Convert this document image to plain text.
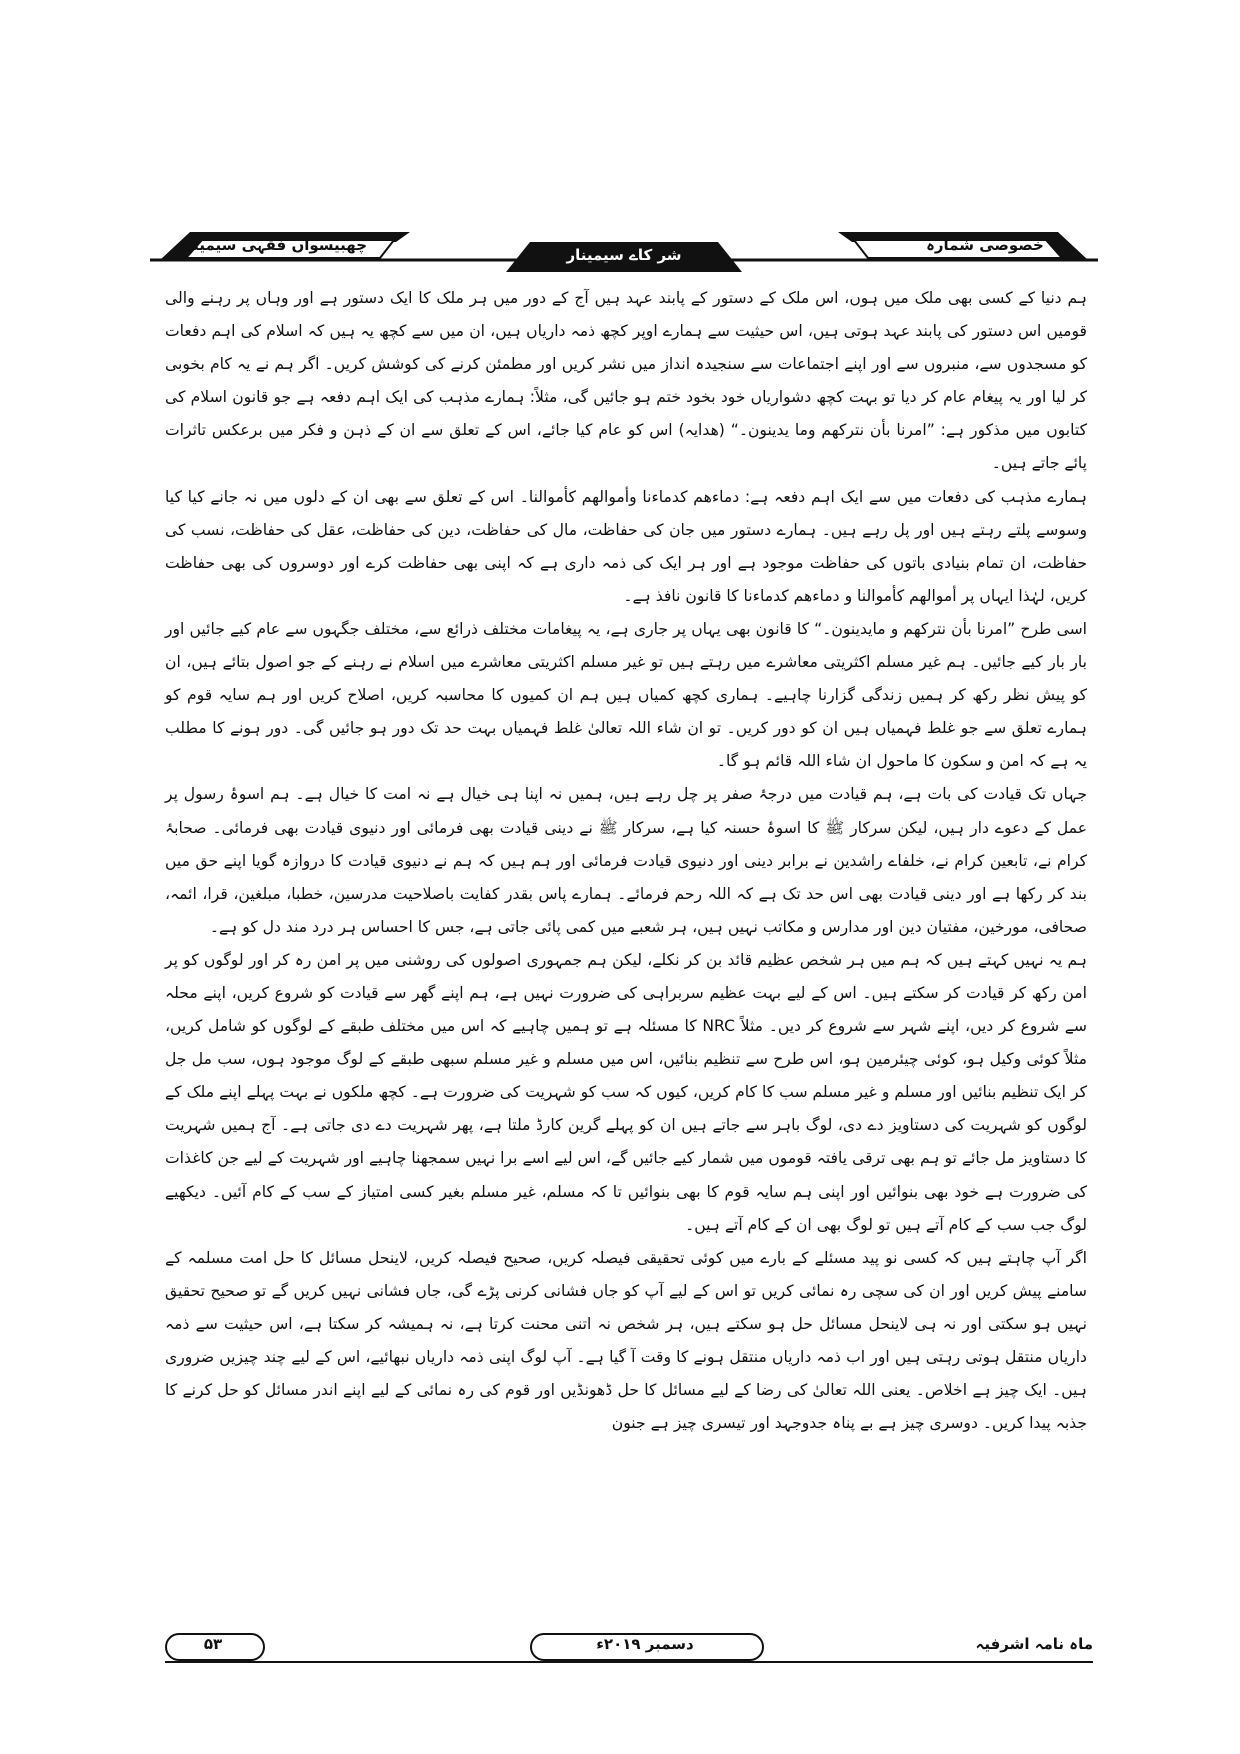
چھبیسواں فقہی سیمینار
شر کاے سیمینار
خصوصی شمارہ

ہم دنیا کے کسی بھی ملک میں ہوں، اس ملک کے دستور کے پابند عہد ہیں آج کے دور میں ہر ملک کا ایک دستور ہے اور وہاں پر رہنے والی قومیں اس دستور کی پابند عہد ہوتی ہیں، اس حیثیت سے ہمارے اوپر کچھ ذمہ داریاں ہیں، ان میں سے کچھ یہ ہیں کہ اسلام کی اہم دفعات کو مسجدوں سے، منبروں سے اور اپنے اجتماعات سے سنجیدہ انداز میں نشر کریں اور مطمئن کرنے کی کوشش کریں۔ اگر ہم نے یہ کام بخوبی کر لیا اور یہ پیغام عام کر دیا تو بہت کچھ دشواریاں خود بخود ختم ہو جائیں گی، مثلاً: ہمارے مذہب کی ایک اہم دفعہ ہے جو قانون اسلام کی کتابوں میں مذکور ہے: ”امرنا بأن نترکھم وما یدینون۔“ (ھدایہ) اس کو عام کیا جائے، اس کے تعلق سے ان کے ذہن و فکر میں برعکس تاثرات پائے جاتے ہیں۔

ہمارے مذہب کی دفعات میں سے ایک اہم دفعہ ہے: دماءھم کدماءنا وأموالھم کأموالنا۔ اس کے تعلق سے بھی ان کے دلوں میں نہ جانے کیا کیا وسوسے پلتے رہتے ہیں اور پل رہے ہیں۔ ہمارے دستور میں جان کی حفاظت، مال کی حفاظت، دین کی حفاظت، عقل کی حفاظت، نسب کی حفاظت، ان تمام بنیادی باتوں کی حفاظت موجود ہے اور ہر ایک کی ذمہ داری ہے کہ اپنی بھی حفاظت کرے اور دوسروں کی بھی حفاظت کریں، لہٰذا ایہاں پر أموالھم کأموالنا و دماءھم کدماءنا کا قانون نافذ ہے۔

اسی طرح ”امرنا بأن نترکھم و مایدینون۔“ کا قانون بھی یہاں پر جاری ہے، یہ پیغامات مختلف ذرائع سے، مختلف جگہوں سے عام کیے جائیں اور بار بار کیے جائیں۔ ہم غیر مسلم اکثریتی معاشرے میں رہتے ہیں تو غیر مسلم اکثریتی معاشرے میں اسلام نے رہنے کے جو اصول بتائے ہیں، ان کو پیش نظر رکھ کر ہمیں زندگی گزارنا چاہیے۔ ہماری کچھ کمیاں ہیں ہم ان کمیوں کا محاسبہ کریں، اصلاح کریں اور ہم سایہ قوم کو ہمارے تعلق سے جو غلط فہمیاں ہیں ان کو دور کریں۔ تو ان شاء اللہ تعالیٰ غلط فہمیاں بہت حد تک دور ہو جائیں گی۔ دور ہونے کا مطلب یہ ہے کہ امن و سکون کا ماحول ان شاء اللہ قائم ہو گا۔

جہاں تک قیادت کی بات ہے، ہم قیادت میں درجۂ صفر پر چل رہے ہیں، ہمیں نہ اپنا ہی خیال ہے نہ امت کا خیال ہے۔ ہم اسوۂ رسول پر عمل کے دعوے دار ہیں، لیکن سرکار ﷺ کا اسوۂ حسنہ کیا ہے، سرکار ﷺ نے دینی قیادت بھی فرمائی اور دنیوی قیادت بھی فرمائی۔ صحابۂ کرام نے، تابعین کرام نے، خلفاے راشدین نے برابر دینی اور دنیوی قیادت فرمائی اور ہم ہیں کہ ہم نے دنیوی قیادت کا دروازہ گویا اپنے حق میں بند کر رکھا ہے اور دینی قیادت بھی اس حد تک ہے کہ اللہ رحم فرمائے۔ ہمارے پاس بقدر کفایت باصلاحیت مدرسین، خطبا، مبلغین، قرا، ائمہ، صحافی، مورخین، مفتیان دین اور مدارس و مکاتب نہیں ہیں، ہر شعبے میں کمی پائی جاتی ہے، جس کا احساس ہر درد مند دل کو ہے۔

ہم یہ نہیں کہتے ہیں کہ ہم میں ہر شخص عظیم قائد بن کر نکلے، لیکن ہم جمہوری اصولوں کی روشنی میں پر امن رہ کر اور لوگوں کو پر امن رکھ کر قیادت کر سکتے ہیں۔ اس کے لیے بہت عظیم سربراہی کی ضرورت نہیں ہے، ہم اپنے گھر سے قیادت کو شروع کریں، اپنے محلہ سے شروع کر دیں، اپنے شہر سے شروع کر دیں۔ مثلاً NRC کا مسئلہ ہے تو ہمیں چاہیے کہ اس میں مختلف طبقے کے لوگوں کو شامل کریں، مثلاً کوئی وکیل ہو، کوئی چیئرمین ہو، اس طرح سے تنظیم بنائیں، اس میں مسلم و غیر مسلم سبھی طبقے کے لوگ موجود ہوں، سب مل جل کر ایک تنظیم بنائیں اور مسلم و غیر مسلم سب کا کام کریں، کیوں کہ سب کو شہریت کی ضرورت ہے۔ کچھ ملکوں نے بہت پہلے اپنے ملک کے لوگوں کو شہریت کی دستاویز دے دی، لوگ باہر سے جاتے ہیں ان کو پہلے گرین کارڈ ملتا ہے، پھر شہریت دے دی جاتی ہے۔ آج ہمیں شہریت کا دستاویز مل جائے تو ہم بھی ترقی یافتہ قوموں میں شمار کیے جائیں گے، اس لیے اسے برا نہیں سمجھنا چاہیے اور شہریت کے لیے جن کاغذات کی ضرورت ہے خود بھی بنوائیں اور اپنی ہم سایہ قوم کا بھی بنوائیں تا کہ مسلم، غیر مسلم بغیر کسی امتیاز کے سب کے کام آئیں۔ دیکھیے لوگ جب سب کے کام آتے ہیں تو لوگ بھی ان کے کام آتے ہیں۔

اگر آپ چاہتے ہیں کہ کسی نو پید مسئلے کے بارے میں کوئی تحقیقی فیصلہ کریں، صحیح فیصلہ کریں، لاینحل مسائل کا حل امت مسلمہ کے سامنے پیش کریں اور ان کی سچی رہ نمائی کریں تو اس کے لیے آپ کو جاں فشانی کرنی پڑے گی، جاں فشانی نہیں کریں گے تو صحیح تحقیق نہیں ہو سکتی اور نہ ہی لاینحل مسائل حل ہو سکتے ہیں، ہر شخص نہ اتنی محنت کرتا ہے، نہ ہمیشہ کر سکتا ہے، اس حیثیت سے ذمہ داریاں منتقل ہوتی رہتی ہیں اور اب ذمہ داریاں منتقل ہونے کا وقت آ گیا ہے۔ آپ لوگ اپنی ذمہ داریاں نبھائیے، اس کے لیے چند چیزیں ضروری ہیں۔ ایک چیز ہے اخلاص۔ یعنی اللہ تعالیٰ کی رضا کے لیے مسائل کا حل ڈھونڈیں اور قوم کی رہ نمائی کے لیے اپنے اندر مسائل کو حل کرنے کا جذبہ پیدا کریں۔ دوسری چیز ہے بے پناہ جدوجہد اور تیسری چیز ہے جنون

ماہ نامہ اشرفیہ
دسمبر ۲۰۱۹ء
۵۳
